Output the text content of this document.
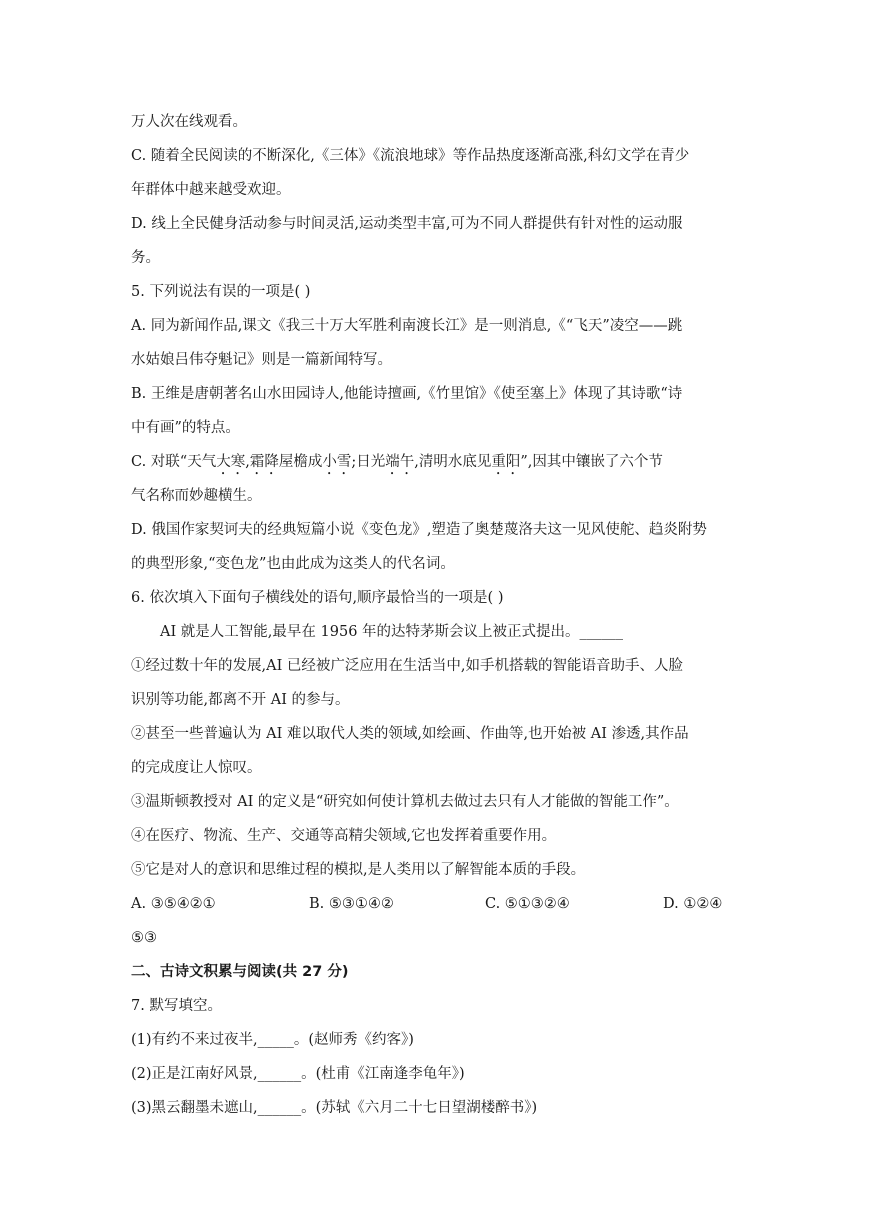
万人次在线观看。
C. 随着全民阅读的不断深化,《三体》《流浪地球》等作品热度逐渐高涨,科幻文学在青少
年群体中越来越受欢迎。
D. 线上全民健身活动参与时间灵活,运动类型丰富,可为不同人群提供有针对性的运动服
务。
5. 下列说法有误的一项是( )
A. 同为新闻作品,课文《我三十万大军胜利南渡长江》是一则消息,《“飞天”凌空——跳
水姑娘吕伟夺魁记》则是一篇新闻特写。
B. 王维是唐朝著名山水田园诗人,他能诗擅画,《竹里馆》《使至塞上》体现了其诗歌“诗
中有画”的特点。
C. 对联“天气大寒,霜降屋檐成小雪;日光端午,清明水底见重阳”,因其中镶嵌了六个节
气名称而妙趣横生。
D. 俄国作家契诃夫的经典短篇小说《变色龙》,塑造了奥楚蔑洛夫这一见风使舵、趋炎附势
的典型形象,“变色龙”也由此成为这类人的代名词。
6. 依次填入下面句子横线处的语句,顺序最恰当的一项是( )
AI 就是人工智能,最早在 1956 年的达特茅斯会议上被正式提出。______
①经过数十年的发展,AI 已经被广泛应用在生活当中,如手机搭载的智能语音助手、人脸
识别等功能,都离不开 AI 的参与。
②甚至一些普遍认为 AI 难以取代人类的领域,如绘画、作曲等,也开始被 AI 渗透,其作品
的完成度让人惊叹。
③温斯顿教授对 AI 的定义是“研究如何使计算机去做过去只有人才能做的智能工作”。
④在医疗、物流、生产、交通等高精尖领域,它也发挥着重要作用。
⑤它是对人的意识和思维过程的模拟,是人类用以了解智能本质的手段。
A. ③⑤④②①	B. ⑤③①④②	C. ⑤①③②④	D. ①②④
⑤③
二、古诗文积累与阅读(共 27 分)
7. 默写填空。
(1)有约不来过夜半,_____。(赵师秀《约客》)
(2)正是江南好风景,______。(杜甫《江南逢李龟年》)
(3)黑云翻墨未遮山,______。(苏轼《六月二十七日望湖楼醉书》)
